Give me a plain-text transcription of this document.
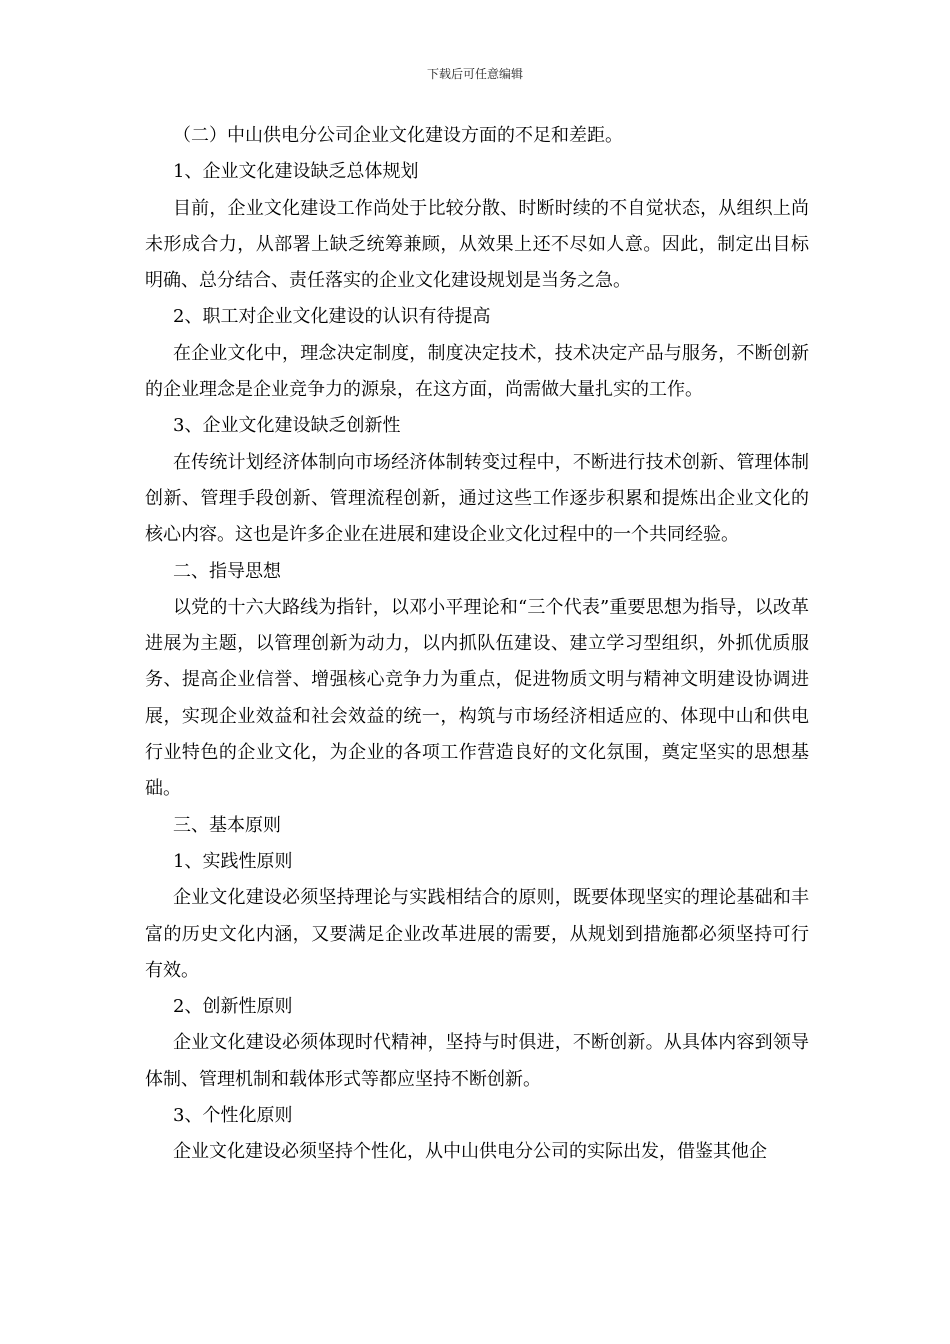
下载后可任意编辑

（二）中山供电分公司企业文化建设方面的不足和差距。

1、企业文化建设缺乏总体规划

目前，企业文化建设工作尚处于比较分散、时断时续的不自觉状态，从组织上尚未形成合力，从部署上缺乏统筹兼顾，从效果上还不尽如人意。因此，制定出目标明确、总分结合、责任落实的企业文化建设规划是当务之急。

2、职工对企业文化建设的认识有待提高

在企业文化中，理念决定制度，制度决定技术，技术决定产品与服务，不断创新的企业理念是企业竞争力的源泉，在这方面，尚需做大量扎实的工作。

3、企业文化建设缺乏创新性

在传统计划经济体制向市场经济体制转变过程中，不断进行技术创新、管理体制创新、管理手段创新、管理流程创新，通过这些工作逐步积累和提炼出企业文化的核心内容。这也是许多企业在进展和建设企业文化过程中的一个共同经验。

二、指导思想

以党的十六大路线为指针，以邓小平理论和“三个代表”重要思想为指导，以改革进展为主题，以管理创新为动力，以内抓队伍建设、建立学习型组织，外抓优质服务、提高企业信誉、增强核心竞争力为重点，促进物质文明与精神文明建设协调进展，实现企业效益和社会效益的统一，构筑与市场经济相适应的、体现中山和供电行业特色的企业文化，为企业的各项工作营造良好的文化氛围，奠定坚实的思想基础。

三、基本原则

1、实践性原则

企业文化建设必须坚持理论与实践相结合的原则，既要体现坚实的理论基础和丰富的历史文化内涵，又要满足企业改革进展的需要，从规划到措施都必须坚持可行有效。

2、创新性原则

企业文化建设必须体现时代精神，坚持与时俱进，不断创新。从具体内容到领导体制、管理机制和载体形式等都应坚持不断创新。

3、个性化原则

企业文化建设必须坚持个性化，从中山供电分公司的实际出发，借鉴其他企
